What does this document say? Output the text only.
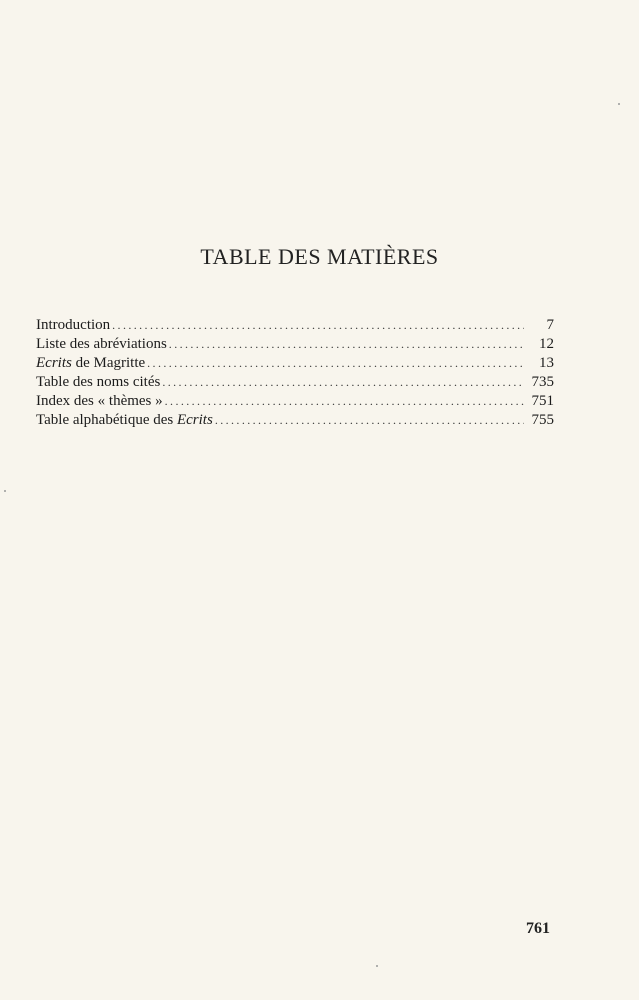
TABLE DES MATIÈRES
Introduction .....	7
Liste des abréviations .....	12
Ecrits de Magritte .....	13
Table des noms cités .....	735
Index des « thèmes » .....	751
Table alphabétique des Ecrits .....	755
761
